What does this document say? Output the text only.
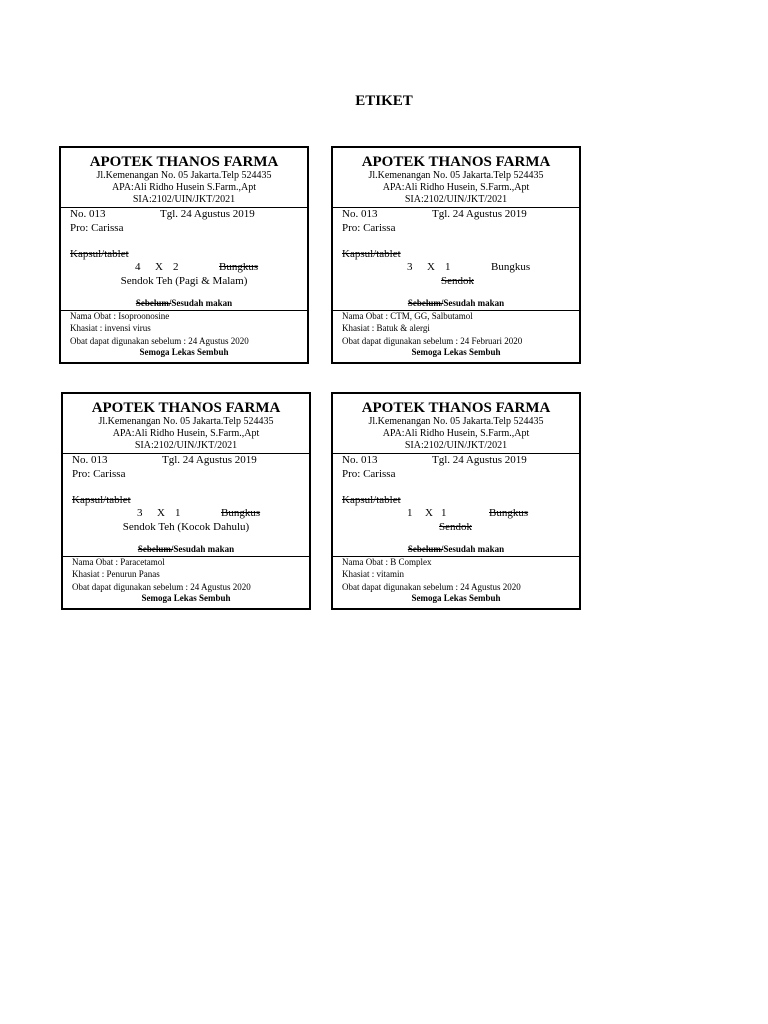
ETIKET
APOTEK THANOS FARMA
Jl.Kemenangan No. 05 Jakarta.Telp 524435
APA:Ali Ridho Husein S.Farm.,Apt
SIA:2102/UIN/JKT/2021
No. 013	Tgl. 24 Agustus 2019
Pro: Carissa
Kapsul/tablet
4 X 2	Bungkus
Sendok Teh (Pagi & Malam)
Sebelum/Sesudah makan
Nama Obat : Isoproonosine
Khasiat : invensi virus
Obat dapat digunakan sebelum : 24 Agustus 2020
Semoga Lekas Sembuh
APOTEK THANOS FARMA
Jl.Kemenangan No. 05 Jakarta.Telp 524435
APA:Ali Ridho Husein, S.Farm.,Apt
SIA:2102/UIN/JKT/2021
No. 013	Tgl. 24 Agustus 2019
Pro: Carissa
Kapsul/tablet
3 X 1	Bungkus
Sendok
Sebelum/Sesudah makan
Nama Obat : CTM, GG, Salbutamol
Khasiat : Batuk & alergi
Obat dapat digunakan sebelum : 24 Februari 2020
Semoga Lekas Sembuh
APOTEK THANOS FARMA
Jl.Kemenangan No. 05 Jakarta.Telp 524435
APA:Ali Ridho Husein, S.Farm.,Apt
SIA:2102/UIN/JKT/2021
No. 013	Tgl. 24 Agustus 2019
Pro: Carissa
Kapsul/tablet
3 X 1	Bungkus
Sendok Teh (Kocok Dahulu)
Sebelum/Sesudah makan
Nama Obat : Paracetamol
Khasiat : Penurun Panas
Obat dapat digunakan sebelum : 24 Agustus 2020
Semoga Lekas Sembuh
APOTEK THANOS FARMA
Jl.Kemenangan No. 05 Jakarta.Telp 524435
APA:Ali Ridho Husein, S.Farm.,Apt
SIA:2102/UIN/JKT/2021
No. 013	Tgl. 24 Agustus 2019
Pro: Carissa
Kapsul/tablet
1 X 1	Bungkus
Sendok
Sebelum/Sesudah makan
Nama Obat : B Complex
Khasiat : vitamin
Obat dapat digunakan sebelum : 24 Agustus 2020
Semoga Lekas Sembuh
